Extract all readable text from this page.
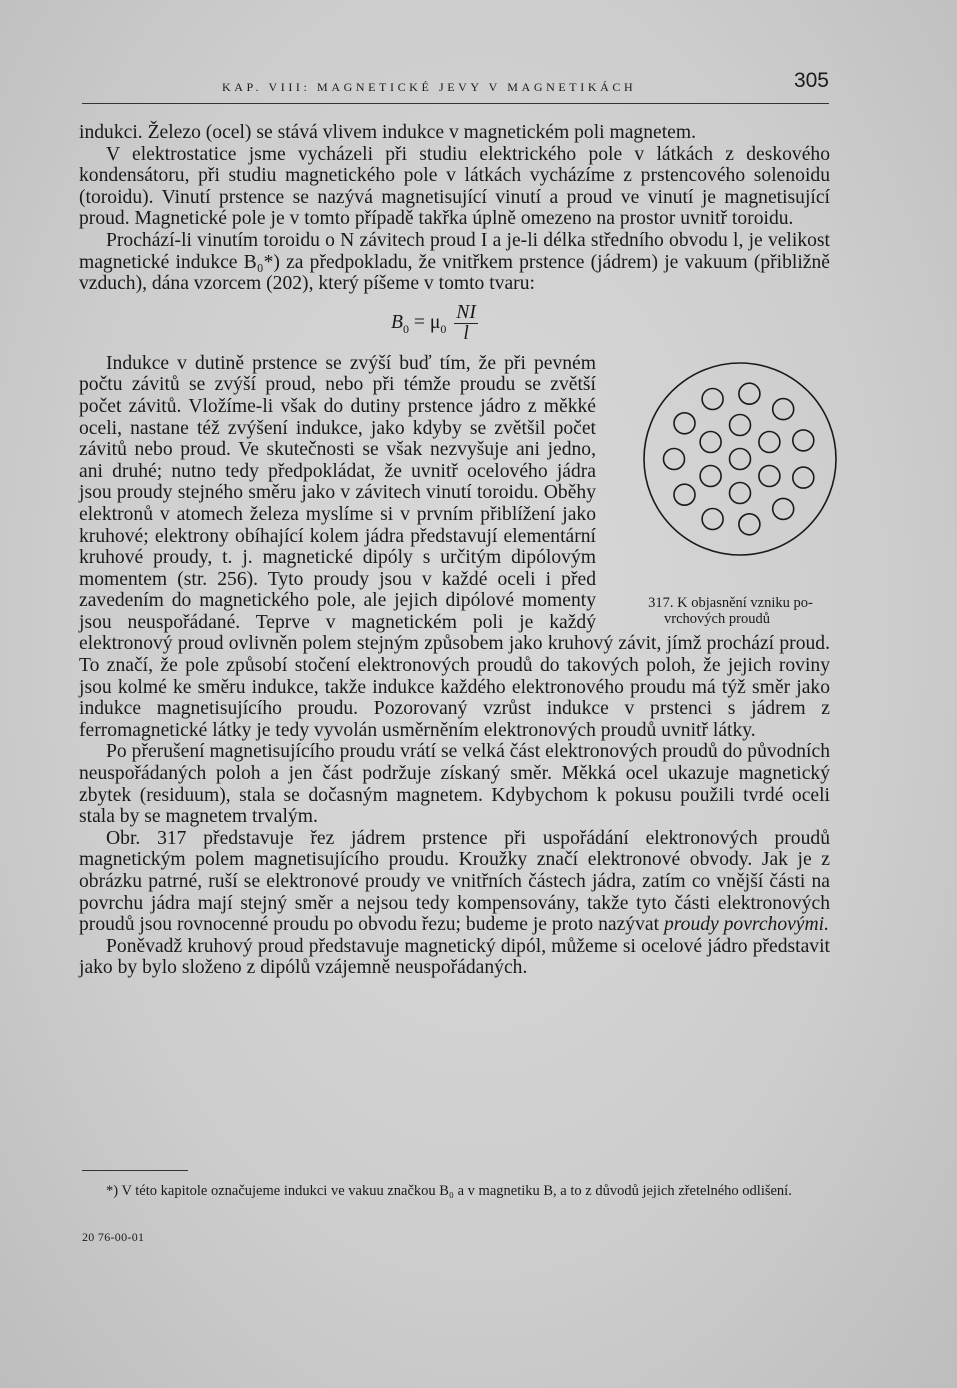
KAP. VIII: MAGNETICKÉ JEVY V MAGNETIKÁCH	305

indukci. Železo (ocel) se stává vlivem indukce v magnetickém poli magnetem.

V elektrostatice jsme vycházeli při studiu elektrického pole v látkách z deskového kondensátoru, při studiu magnetického pole v látkách vycházíme z prstencového solenoidu (toroidu). Vinutí prstence se nazývá magnetisující vinutí a proud ve vinutí je magnetisující proud. Magnetické pole je v tomto případě takřka úplně omezeno na prostor uvnitř toroidu.

Prochází-li vinutím toroidu o N závitech proud I a je-li délka středního obvodu l, je velikost magnetické indukce B₀*) za předpokladu, že vnitřkem prstence (jádrem) je vakuum (přibližně vzduch), dána vzorcem (202), který píšeme v tomto tvaru:

$B_0 = \mu_0 \frac{NI}{l}$

317. K objasnění vzniku po-
vrchových proudů
Indukce v dutině prstence se zvýší buď tím, že při pevném počtu závitů se zvýší proud, nebo při témže proudu se zvětší počet závitů. Vložíme-li však do dutiny prstence jádro z měkké oceli, nastane též zvýšení indukce, jako kdyby se zvětšil počet závitů nebo proud. Ve skutečnosti se však nezvyšuje ani jedno, ani druhé; nutno tedy předpokládat, že uvnitř ocelového jádra jsou proudy stejného směru jako v závitech vinutí toroidu. Oběhy elektronů v atomech železa myslíme si v prvním přiblížení jako kruhové; elektrony obíhající kolem jádra představují elementární kruhové proudy, t. j. magnetické dipóly s určitým dipólovým momentem (str. 256). Tyto proudy jsou v každé oceli i před zavedením do magnetického pole, ale jejich dipólové momenty jsou neuspořádané. Teprve v magnetickém poli je každý elektronový proud ovlivněn polem stejným způsobem jako kruhový závit, jímž prochází proud. To značí, že pole způsobí stočení elektronových proudů do takových poloh, že jejich roviny jsou kolmé ke směru indukce, takže indukce každého elektronového proudu má týž směr jako indukce magnetisujícího proudu. Pozorovaný vzrůst indukce v prstenci s jádrem z ferromagnetické látky je tedy vyvolán usměrněním elektronových proudů uvnitř látky.

Po přerušení magnetisujícího proudu vrátí se velká část elektronových proudů do původních neuspořádaných poloh a jen část podržuje získaný směr. Měkká ocel ukazuje magnetický zbytek (residuum), stala se dočasným magnetem. Kdybychom k pokusu použili tvrdé oceli stala by se magnetem trvalým.

Obr. 317 představuje řez jádrem prstence při uspořádání elektronových proudů magnetickým polem magnetisujícího proudu. Kroužky značí elektronové obvody. Jak je z obrázku patrné, ruší se elektronové proudy ve vnitřních částech jádra, zatím co vnější části na povrchu jádra mají stejný směr a nejsou tedy kompensovány, takže tyto části elektronových proudů jsou rovnocenné proudu po obvodu řezu; budeme je proto nazývat proudy povrchovými.

Poněvadž kruhový proud představuje magnetický dipól, můžeme si ocelové jádro představit jako by bylo složeno z dipólů vzájemně neuspořádaných.

*) V této kapitole označujeme indukci ve vakuu značkou B₀ a v magnetiku B, a to z důvodů jejich zřetelného odlišení.
20 76-00-01
